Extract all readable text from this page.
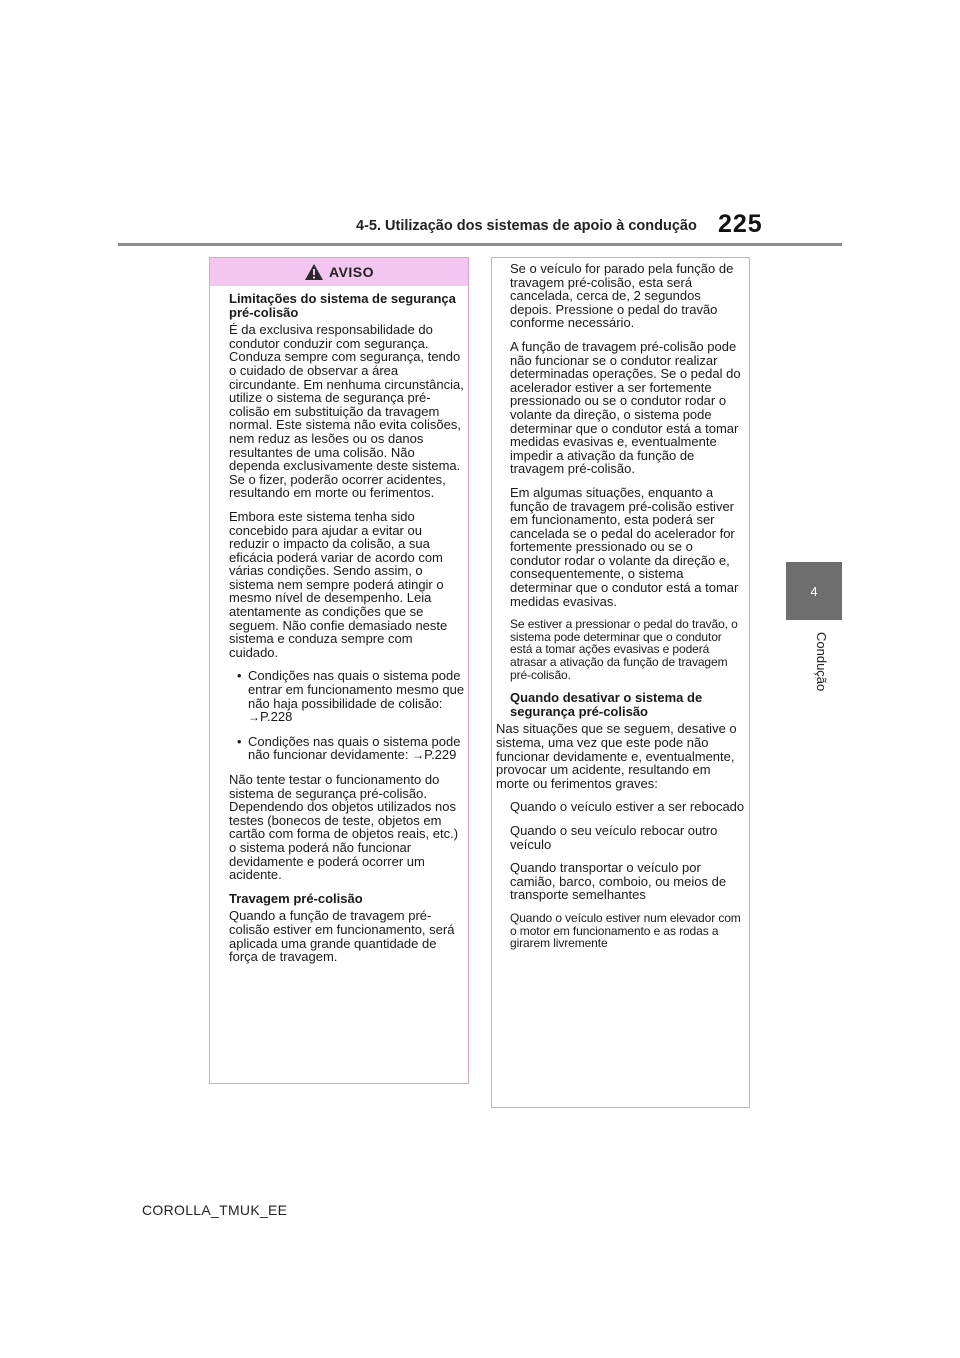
4-5. Utilização dos sistemas de apoio à condução 225
4
Condução
AVISO

Limitações do sistema de segurança pré-colisão

É da exclusiva responsabilidade do condutor conduzir com segurança. Conduza sempre com segurança, tendo o cuidado de observar a área circundante. Em nenhuma circunstância, utilize o sistema de segurança pré-colisão em substituição da travagem normal. Este sistema não evita colisões, nem reduz as lesões ou os danos resultantes de uma colisão. Não dependa exclusivamente deste sistema. Se o fizer, poderão ocorrer acidentes, resultando em morte ou ferimentos.

Embora este sistema tenha sido concebido para ajudar a evitar ou reduzir o impacto da colisão, a sua eficácia poderá variar de acordo com várias condições. Sendo assim, o sistema nem sempre poderá atingir o mesmo nível de desempenho. Leia atentamente as condições que se seguem. Não confie demasiado neste sistema e conduza sempre com cuidado.

• Condições nas quais o sistema pode entrar em funcionamento mesmo que não haja possibilidade de colisão: →P.228

• Condições nas quais o sistema pode não funcionar devidamente: →P.229

Não tente testar o funcionamento do sistema de segurança pré-colisão. Dependendo dos objetos utilizados nos testes (bonecos de teste, objetos em cartão com forma de objetos reais, etc.) o sistema poderá não funcionar devidamente e poderá ocorrer um acidente.

Travagem pré-colisão

Quando a função de travagem pré-colisão estiver em funcionamento, será aplicada uma grande quantidade de força de travagem.

Se o veículo for parado pela função de travagem pré-colisão, esta será cancelada, cerca de, 2 segundos depois. Pressione o pedal do travão conforme necessário.

A função de travagem pré-colisão pode não funcionar se o condutor realizar determinadas operações. Se o pedal do acelerador estiver a ser fortemente pressionado ou se o condutor rodar o volante da direção, o sistema pode determinar que o condutor está a tomar medidas evasivas e, eventualmente impedir a ativação da função de travagem pré-colisão.

Em algumas situações, enquanto a função de travagem pré-colisão estiver em funcionamento, esta poderá ser cancelada se o pedal do acelerador for fortemente pressionado ou se o condutor rodar o volante da direção e, consequentemente, o sistema determinar que o condutor está a tomar medidas evasivas.

Se estiver a pressionar o pedal do travão, o sistema pode determinar que o condutor está a tomar ações evasivas e poderá atrasar a ativação da função de travagem pré-colisão.

Quando desativar o sistema de segurança pré-colisão

Nas situações que se seguem, desative o sistema, uma vez que este pode não funcionar devidamente e, eventualmente, provocar um acidente, resultando em morte ou ferimentos graves:

Quando o veículo estiver a ser rebocado

Quando o seu veículo rebocar outro veículo

Quando transportar o veículo por camião, barco, comboio, ou meios de transporte semelhantes

Quando o veículo estiver num elevador com o motor em funcionamento e as rodas a girarem livremente

COROLLA_TMUK_EE
